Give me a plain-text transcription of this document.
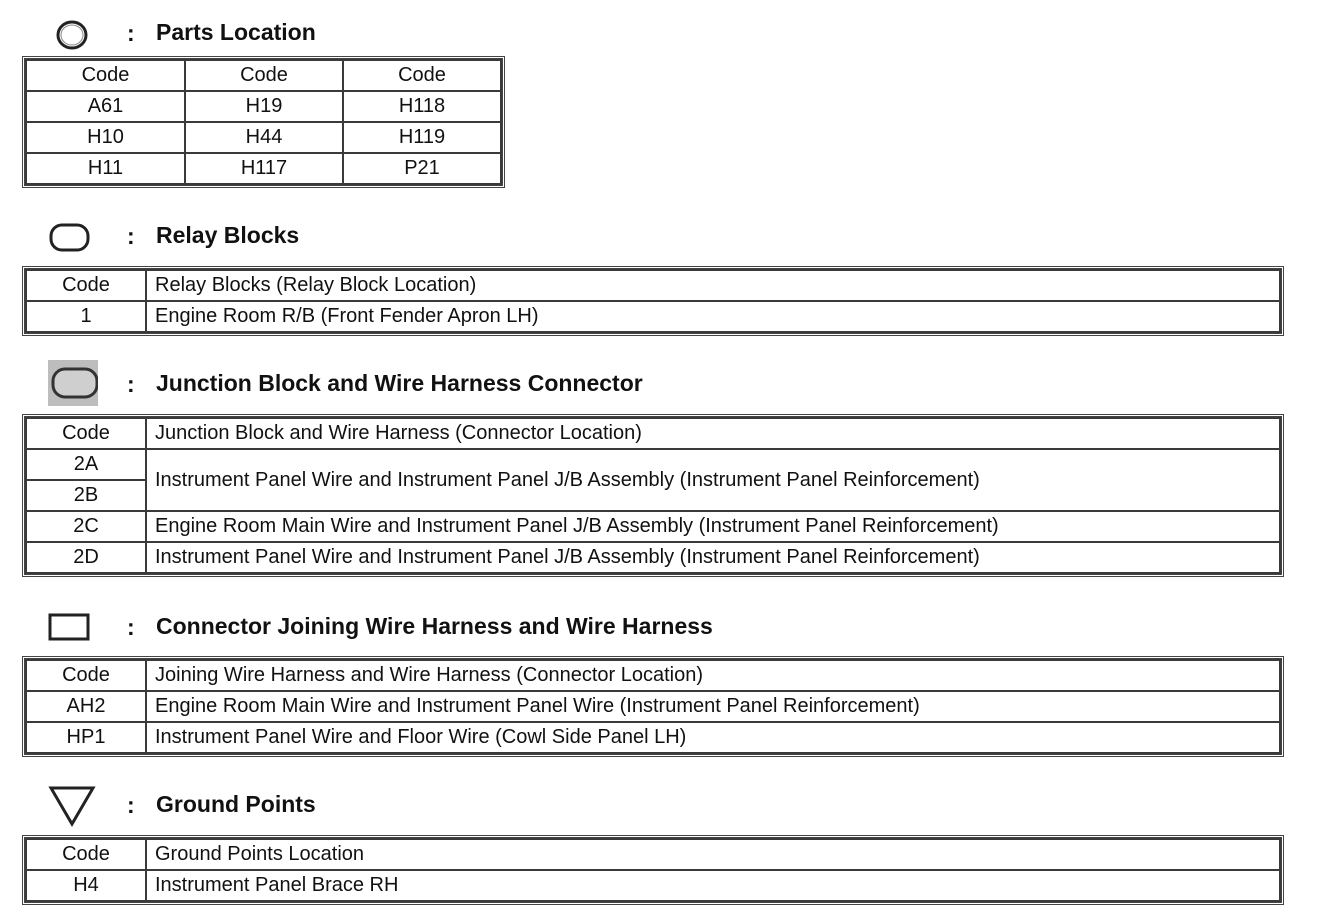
: Parts Location
Code	Code	Code
A61	H19	H118
H10	H44	H119
H11	H117	P21
: Relay Blocks
Code	Relay Blocks (Relay Block Location)
1	Engine Room R/B (Front Fender Apron LH)
: Junction Block and Wire Harness Connector
Code	Junction Block and Wire Harness (Connector Location)
2A	Instrument Panel Wire and Instrument Panel J/B Assembly (Instrument Panel Reinforcement)
2B	
2C	Engine Room Main Wire and Instrument Panel J/B Assembly (Instrument Panel Reinforcement)
2D	Instrument Panel Wire and Instrument Panel J/B Assembly (Instrument Panel Reinforcement)
: Connector Joining Wire Harness and Wire Harness
Code	Joining Wire Harness and Wire Harness (Connector Location)
AH2	Engine Room Main Wire and Instrument Panel Wire (Instrument Panel Reinforcement)
HP1	Instrument Panel Wire and Floor Wire (Cowl Side Panel LH)
: Ground Points
Code	Ground Points Location
H4	Instrument Panel Brace RH
